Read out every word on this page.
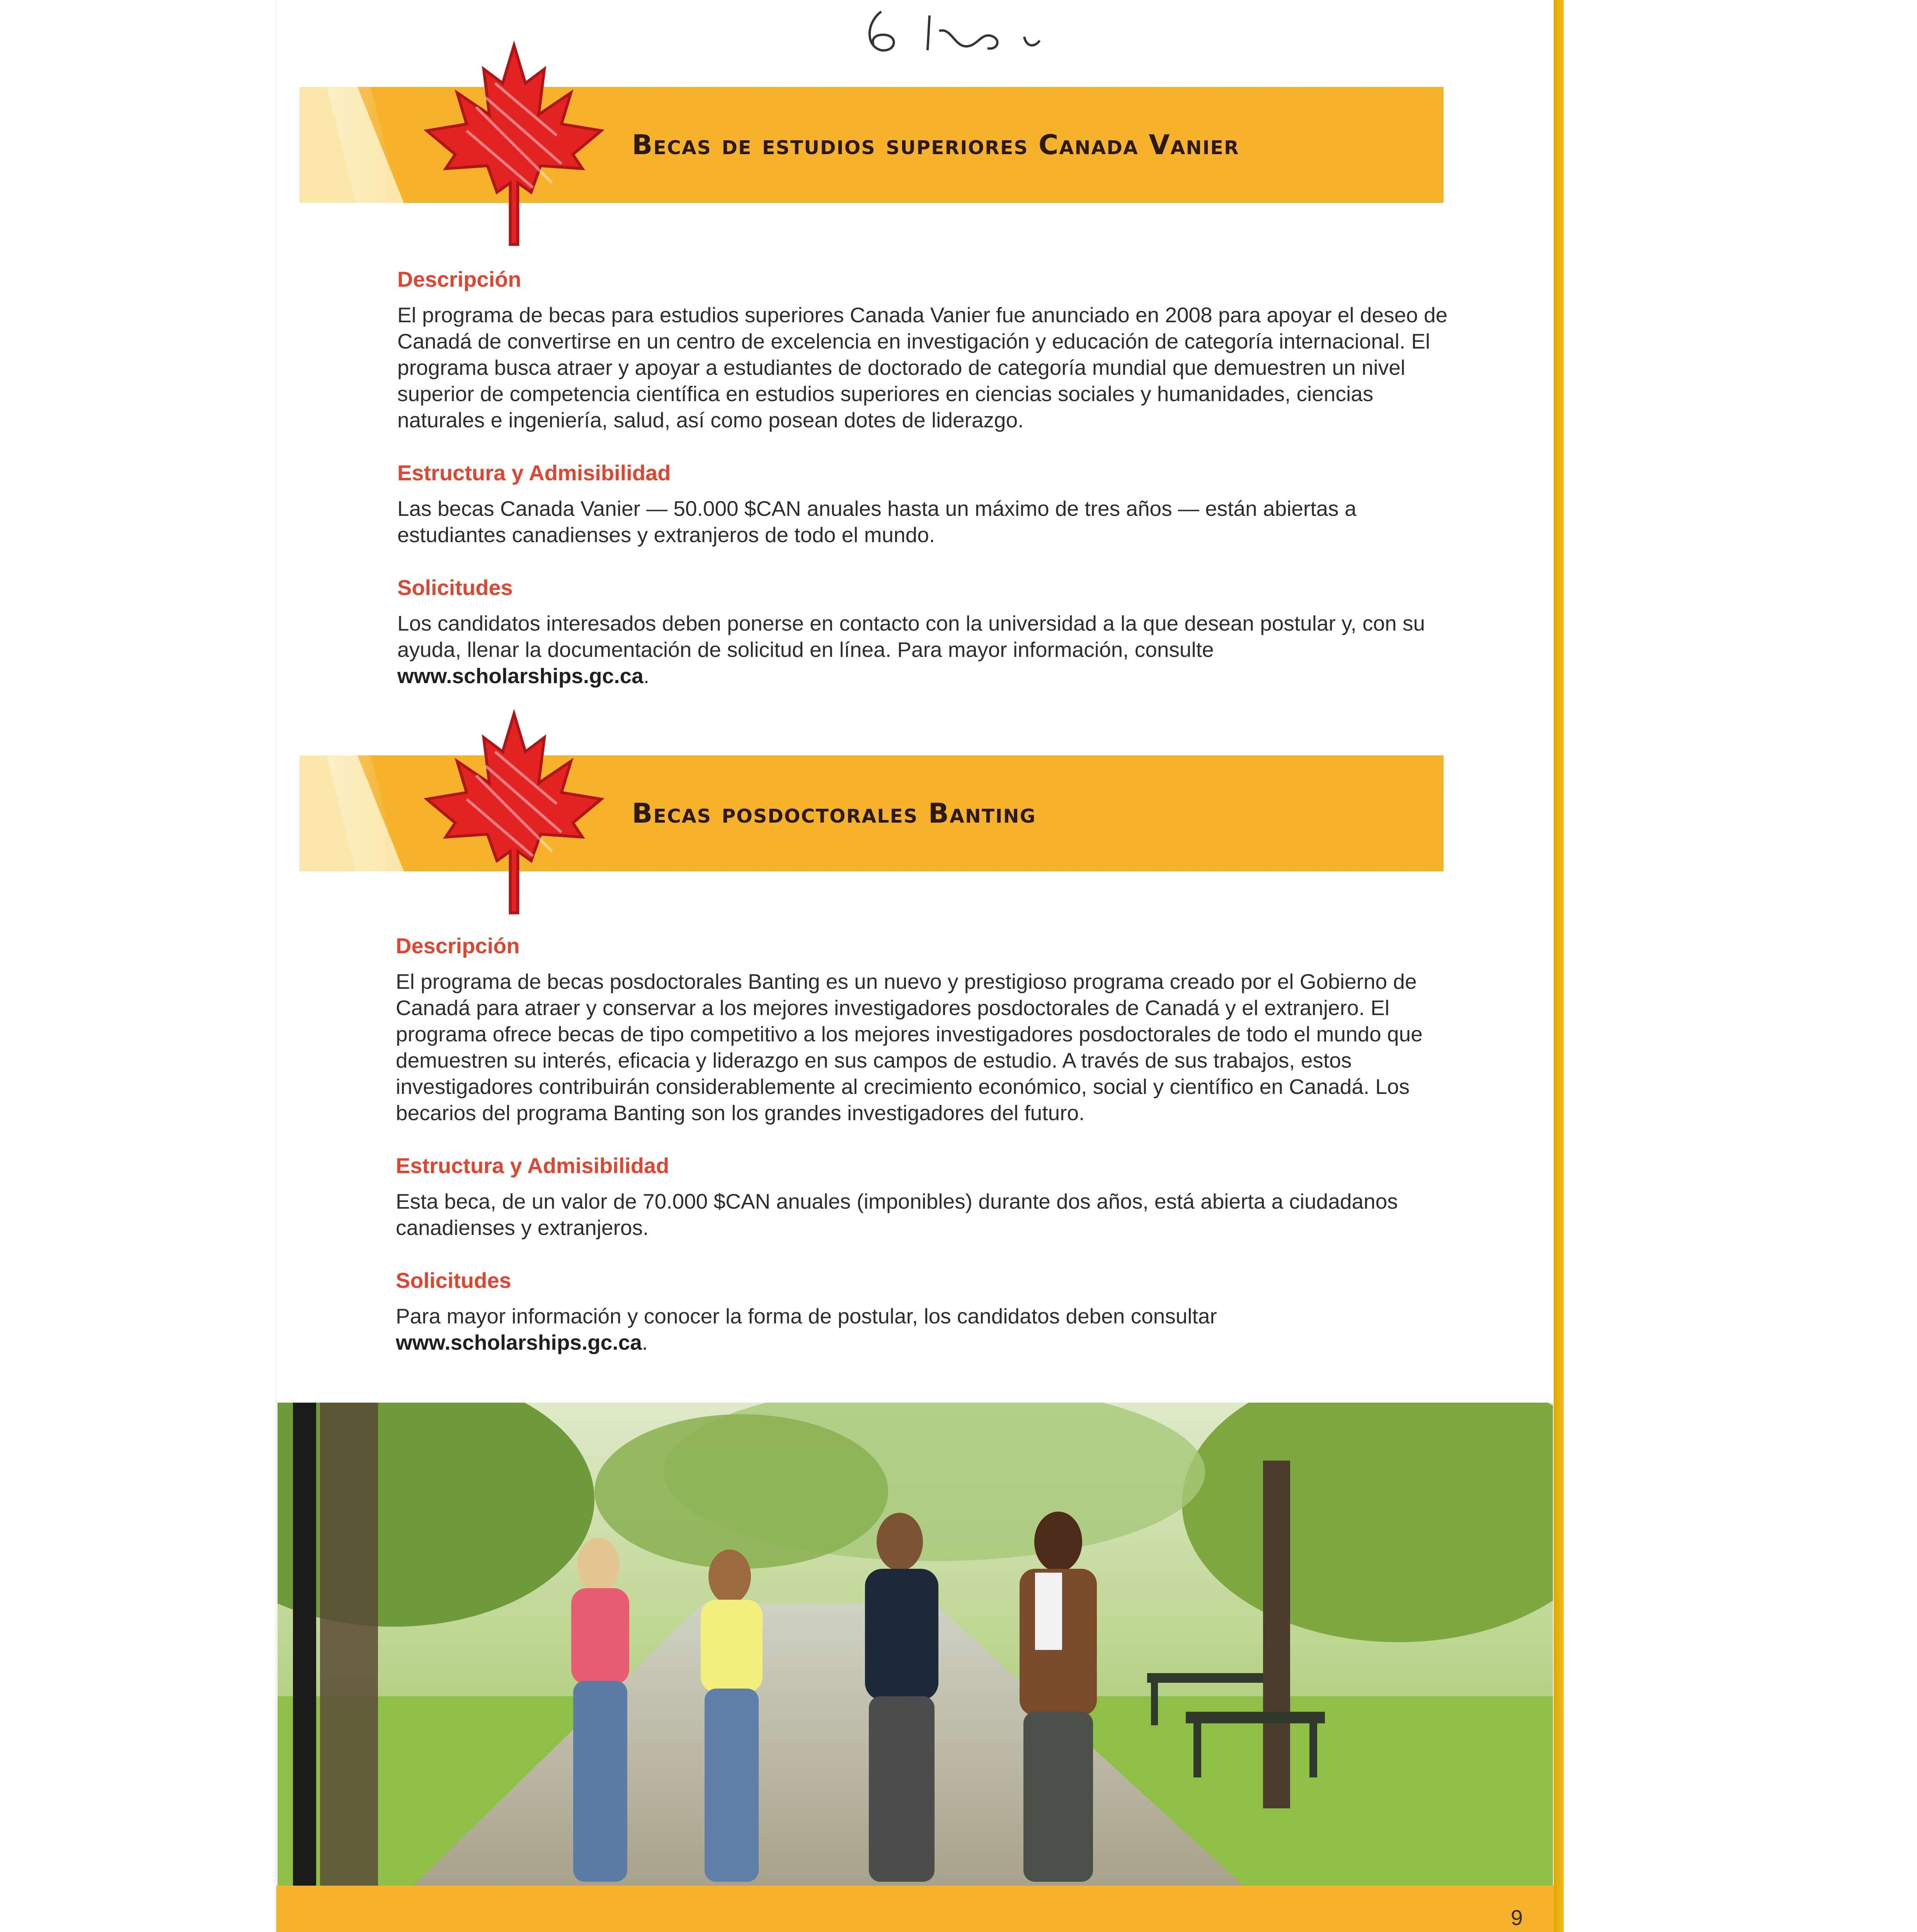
Becas de estudios superiores Canada Vanier
Descripción

El programa de becas para estudios superiores Canada Vanier fue anunciado en 2008 para apoyar el deseo de Canadá de convertirse en un centro de excelencia en investigación y educación de categoría internacional. El programa busca atraer y apoyar a estudiantes de doctorado de categoría mundial que demuestren un nivel superior de competencia científica en estudios superiores en ciencias sociales y humanidades, ciencias naturales e ingeniería, salud, así como posean dotes de liderazgo.

Estructura y Admisibilidad

Las becas Canada Vanier — 50.000 $CAN anuales hasta un máximo de tres años — están abiertas a estudiantes canadienses y extranjeros de todo el mundo.

Solicitudes

Los candidatos interesados deben ponerse en contacto con la universidad a la que desean postular y, con su ayuda, llenar la documentación de solicitud en línea. Para mayor información, consulte www.scholarships.gc.ca.

Becas posdoctorales Banting
Descripción

El programa de becas posdoctorales Banting es un nuevo y prestigioso programa creado por el Gobierno de Canadá para atraer y conservar a los mejores investigadores posdoctorales de Canadá y el extranjero. El programa ofrece becas de tipo competitivo a los mejores investigadores posdoctorales de todo el mundo que demuestren su interés, eficacia y liderazgo en sus campos de estudio. A través de sus trabajos, estos investigadores contribuirán considerablemente al crecimiento económico, social y científico en Canadá. Los becarios del programa Banting son los grandes investigadores del futuro.

Estructura y Admisibilidad

Esta beca, de un valor de 70.000 $CAN anuales (imponibles) durante dos años, está abierta a ciudadanos canadienses y extranjeros.

Solicitudes

Para mayor información y conocer la forma de postular, los candidatos deben consultar www.scholarships.gc.ca.

9
